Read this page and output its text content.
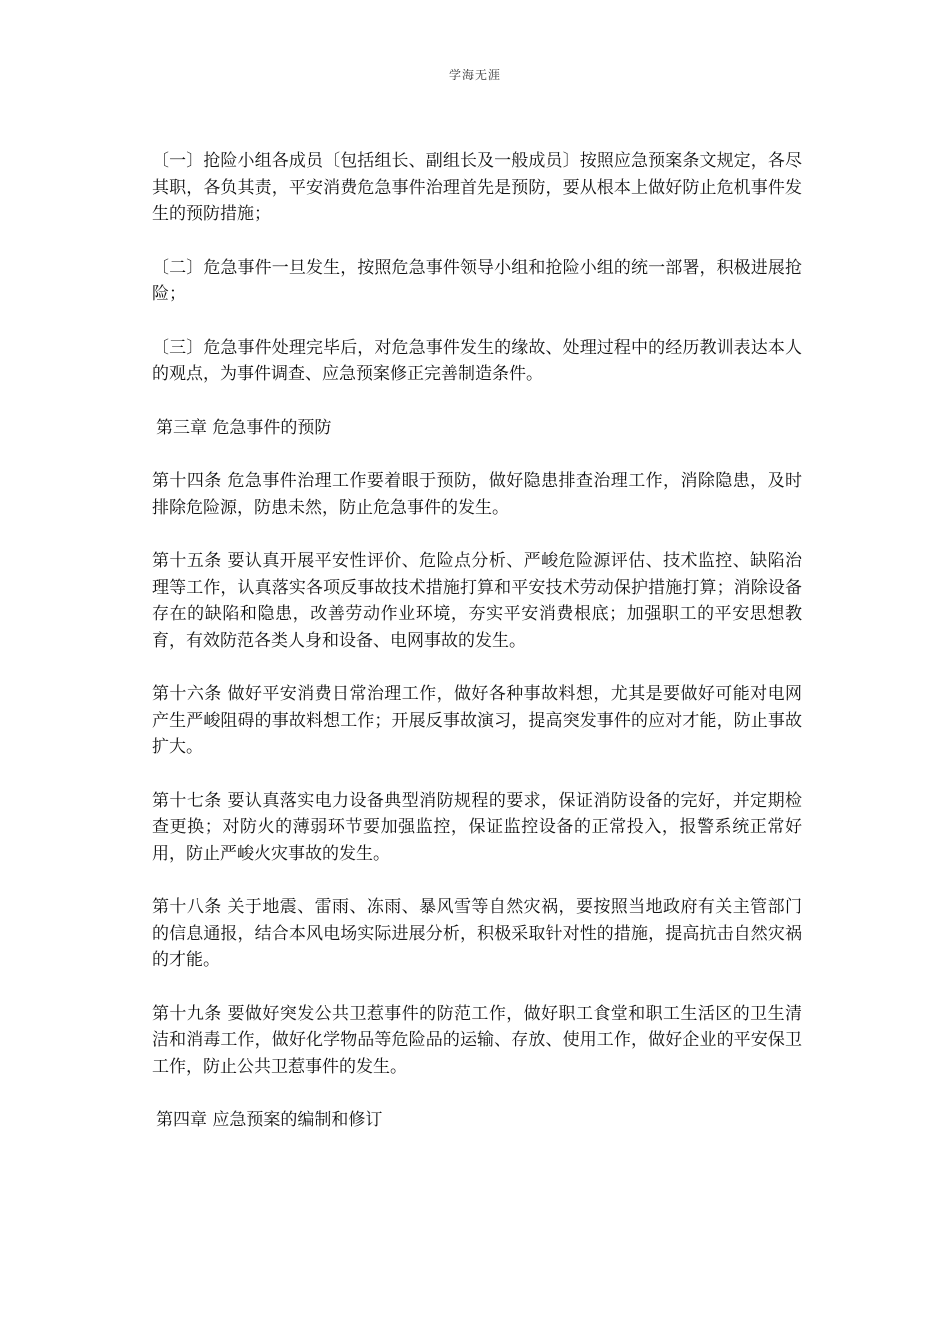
学海无涯

〔一〕抢险小组各成员〔包括组长、副组长及一般成员〕按照应急预案条文规定，各尽其职，各负其责，平安消费危急事件治理首先是预防，要从根本上做好防止危机事件发生的预防措施；

〔二〕危急事件一旦发生，按照危急事件领导小组和抢险小组的统一部署，积极进展抢险；

〔三〕危急事件处理完毕后，对危急事件发生的缘故、处理过程中的经历教训表达本人的观点，为事件调查、应急预案修正完善制造条件。

第三章 危急事件的预防

第十四条 危急事件治理工作要着眼于预防，做好隐患排查治理工作，消除隐患，及时排除危险源，防患未然，防止危急事件的发生。

第十五条 要认真开展平安性评价、危险点分析、严峻危险源评估、技术监控、缺陷治理等工作，认真落实各项反事故技术措施打算和平安技术劳动保护措施打算；消除设备存在的缺陷和隐患，改善劳动作业环境，夯实平安消费根底；加强职工的平安思想教育，有效防范各类人身和设备、电网事故的发生。

第十六条 做好平安消费日常治理工作，做好各种事故料想，尤其是要做好可能对电网产生严峻阻碍的事故料想工作；开展反事故演习，提高突发事件的应对才能，防止事故扩大。

第十七条 要认真落实电力设备典型消防规程的要求，保证消防设备的完好，并定期检查更换；对防火的薄弱环节要加强监控，保证监控设备的正常投入，报警系统正常好用，防止严峻火灾事故的发生。

第十八条 关于地震、雷雨、冻雨、暴风雪等自然灾祸，要按照当地政府有关主管部门的信息通报，结合本风电场实际进展分析，积极采取针对性的措施，提高抗击自然灾祸的才能。

第十九条 要做好突发公共卫惹事件的防范工作，做好职工食堂和职工生活区的卫生清洁和消毒工作，做好化学物品等危险品的运输、存放、使用工作，做好企业的平安保卫工作，防止公共卫惹事件的发生。

第四章 应急预案的编制和修订
